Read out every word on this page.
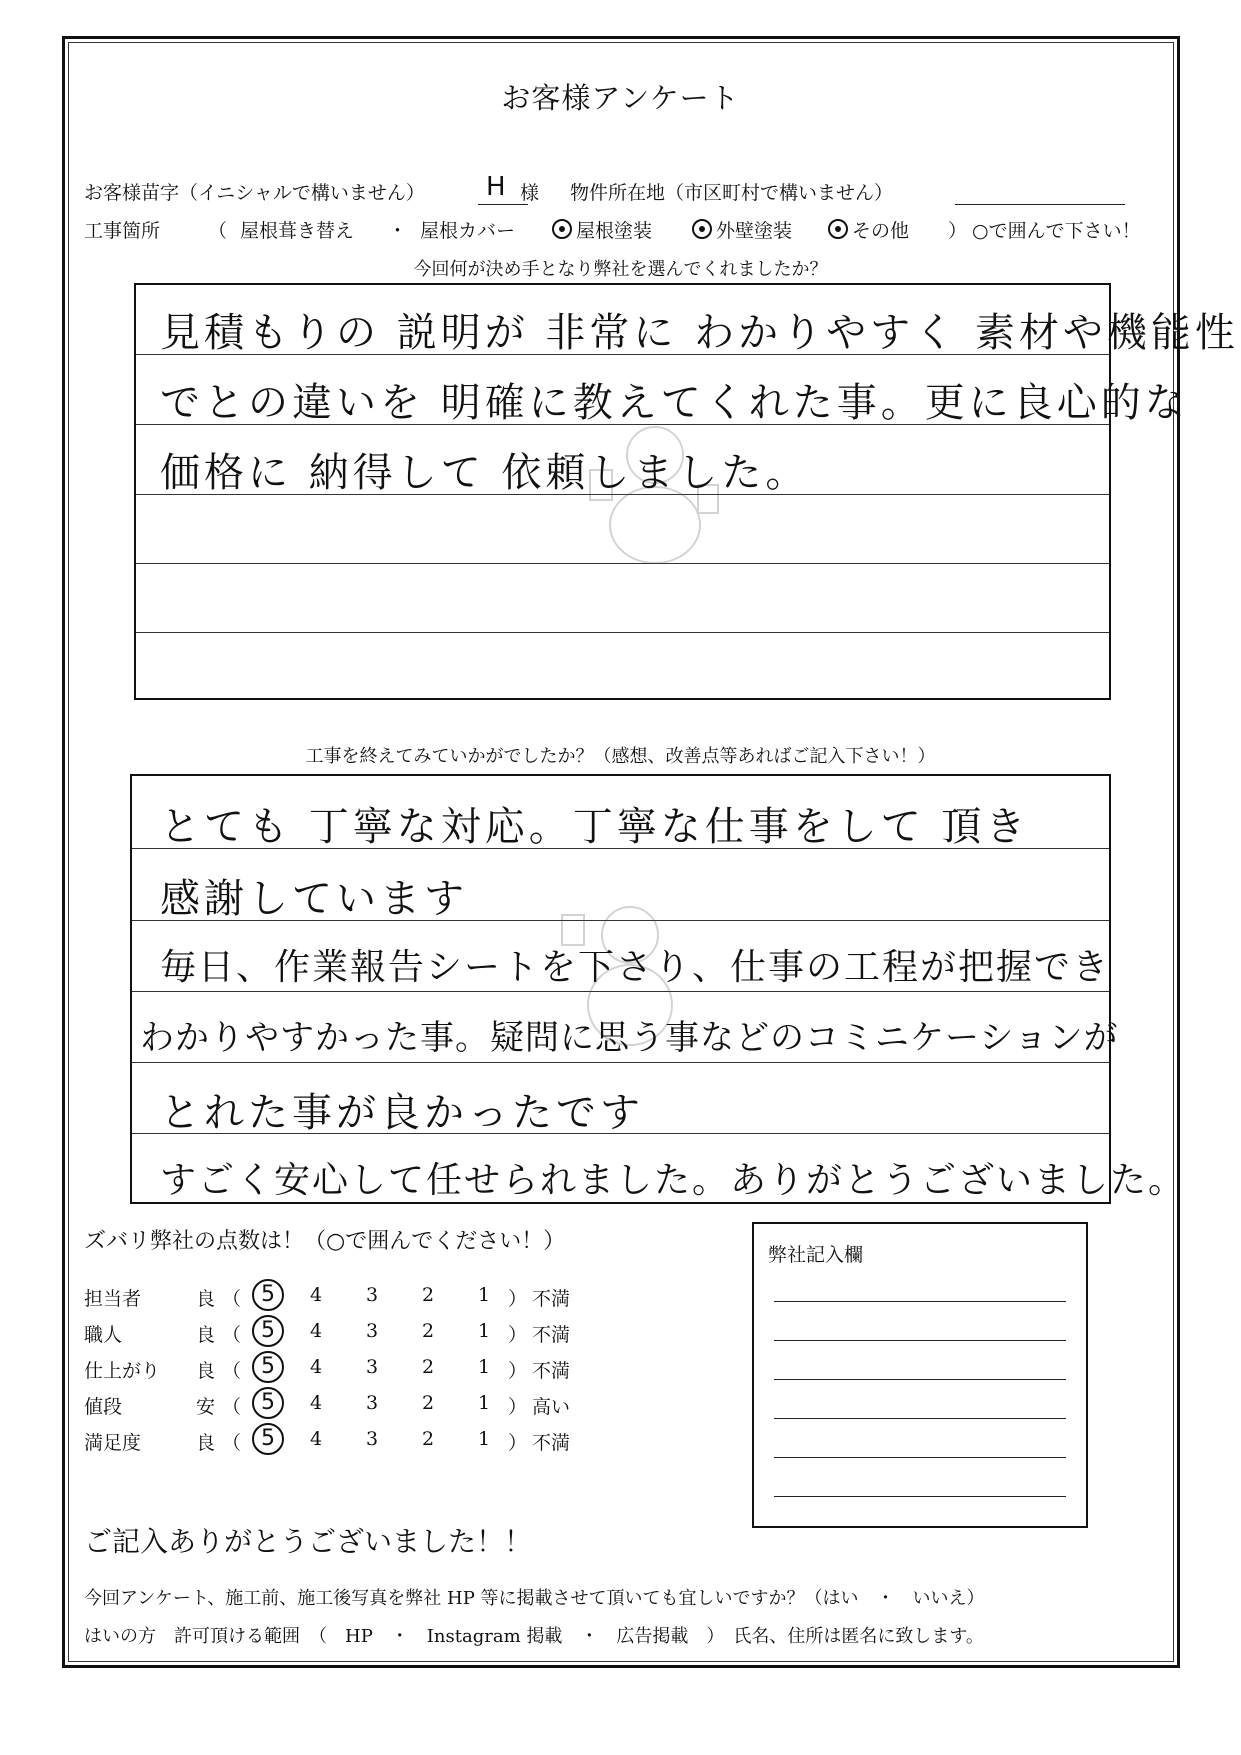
お客様アンケート
お客様苗字（イニシャルで構いません） H 様 物件所在地（市区町村で構いません）
工事箇所	（ 屋根葺き替え ・ 屋根カバー	屋根塗装	外壁塗装	その他 ） ○で囲んで下さい！
今回何が決め手となり弊社を選んでくれましたか？
見積もりの 説明が 非常に わかりやすく 素材や機能性
でとの違いを 明確に教えてくれた事。更に良心的な
価格に 納得して 依頼しました。
工事を終えてみていかがでしたか？（感想、改善点等あればご記入下さい！）
とても 丁寧な対応。丁寧な仕事をして 頂き
感謝しています
毎日、作業報告シートを下さり、仕事の工程が把握でき
わかりやすかった事。疑問に思う事などのコミニケーションが
とれた事が良かったです
すごく安心して任せられました。ありがとうございました。
ズバリ弊社の点数は！（○で囲んでください！）
担当者	良 （ 5	4 3 2 1 ） 不満
職人	良 （ 5	4 3 2 1 ） 不満
仕上がり 良 （ 5	4 3 2 1 ） 不満
値段	安 （ 5	4 3 2 1 ） 高い
満足度	良 （ 5	4 3 2 1 ） 不満
弊社記入欄
ご記入ありがとうございました！！
今回アンケート、施工前、施工後写真を弊社 HP 等に掲載させて頂いても宜しいですか？（はい　・　いいえ）
はいの方　許可頂ける範囲　（　HP　・　Instagram 掲載　・　広告掲載　）　氏名、住所は匿名に致します。
